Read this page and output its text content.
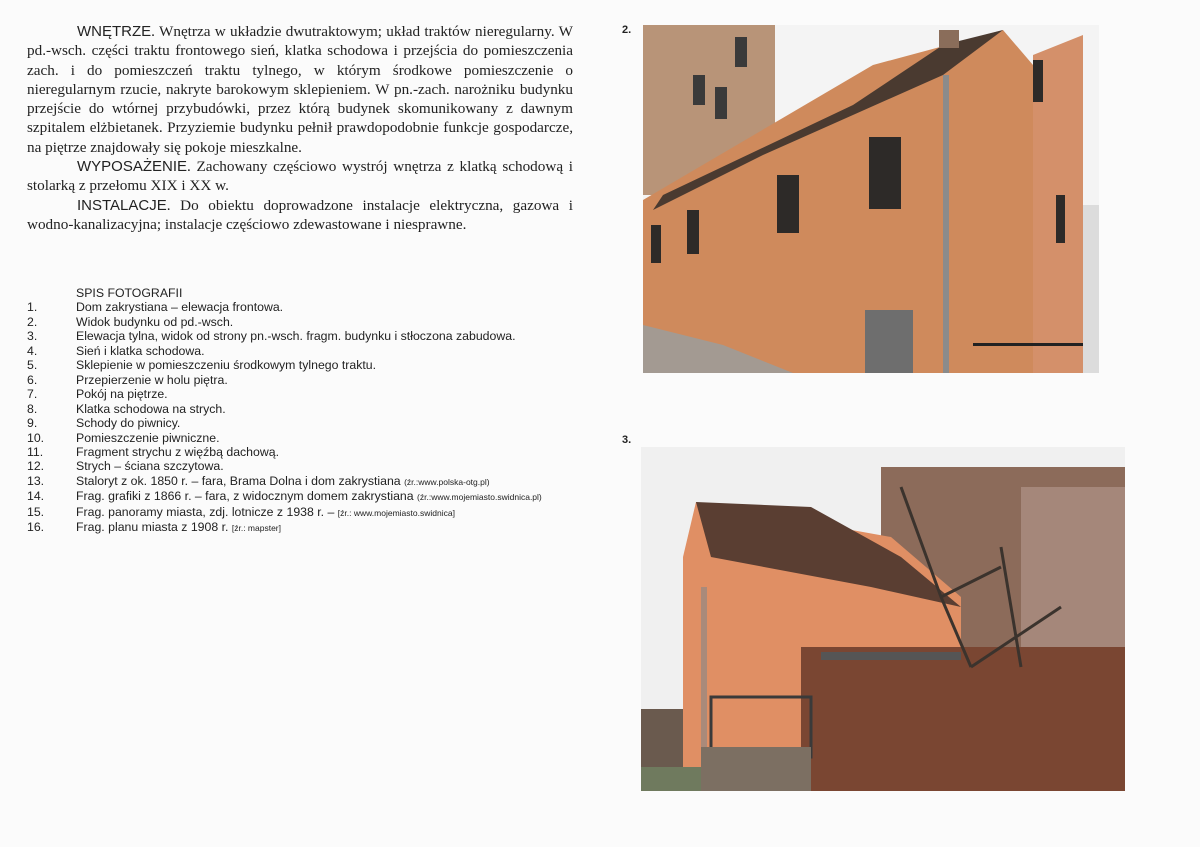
WNĘTRZE. Wnętrza w układzie dwutraktowym; układ traktów nieregularny. W pd.-wsch. części traktu frontowego sień, klatka schodowa i przejścia do pomieszczenia zach. i do pomieszczeń traktu tylnego, w którym środkowe pomieszczenie o nieregularnym rzucie, nakryte barokowym sklepieniem. W pn.-zach. narożniku budynku przejście do wtórnej przybudówki, przez którą budynek skomunikowany z dawnym szpitalem elżbietanek. Przyziemie budynku pełnił prawdopodobnie funkcje gospodarcze, na piętrze znajdowały się pokoje mieszkalne.

WYPOSAŻENIE. Zachowany częściowo wystrój wnętrza z klatką schodową i stolarką z przełomu XIX i XX w.

INSTALACJE. Do obiektu doprowadzone instalacje elektryczna, gazowa i wodno-kanalizacyjna; instalacje częściowo zdewastowane i niesprawne.

SPIS FOTOGRAFII
1.	Dom zakrystiana – elewacja frontowa.
2.	Widok budynku od pd.-wsch.
3.	Elewacja tylna, widok od strony pn.-wsch. fragm. budynku i stłoczona zabudowa.
4.	Sień i klatka schodowa.
5.	Sklepienie w pomieszczeniu środkowym tylnego traktu.
6.	Przepierzenie w holu piętra.
7.	Pokój na piętrze.
8.	Klatka schodowa na strych.
9.	Schody do piwnicy.
10.	Pomieszczenie piwniczne.
11.	Fragment strychu z więźbą dachową.
12.	Strych – ściana szczytowa.
13.	Staloryt z ok. 1850 r. – fara, Brama Dolna i dom zakrystiana (źr.:www.polska-otg.pl)
14.	Frag. grafiki z 1866 r. – fara, z widocznym domem zakrystiana (źr.:www.mojemiasto.swidnica.pl)
15.	Frag. panoramy miasta, zdj. lotnicze z 1938 r. – [źr.: www.mojemiasto.swidnica]
16.	Frag. planu miasta z 1908 r. [źr.: mapster]
2.
3.
